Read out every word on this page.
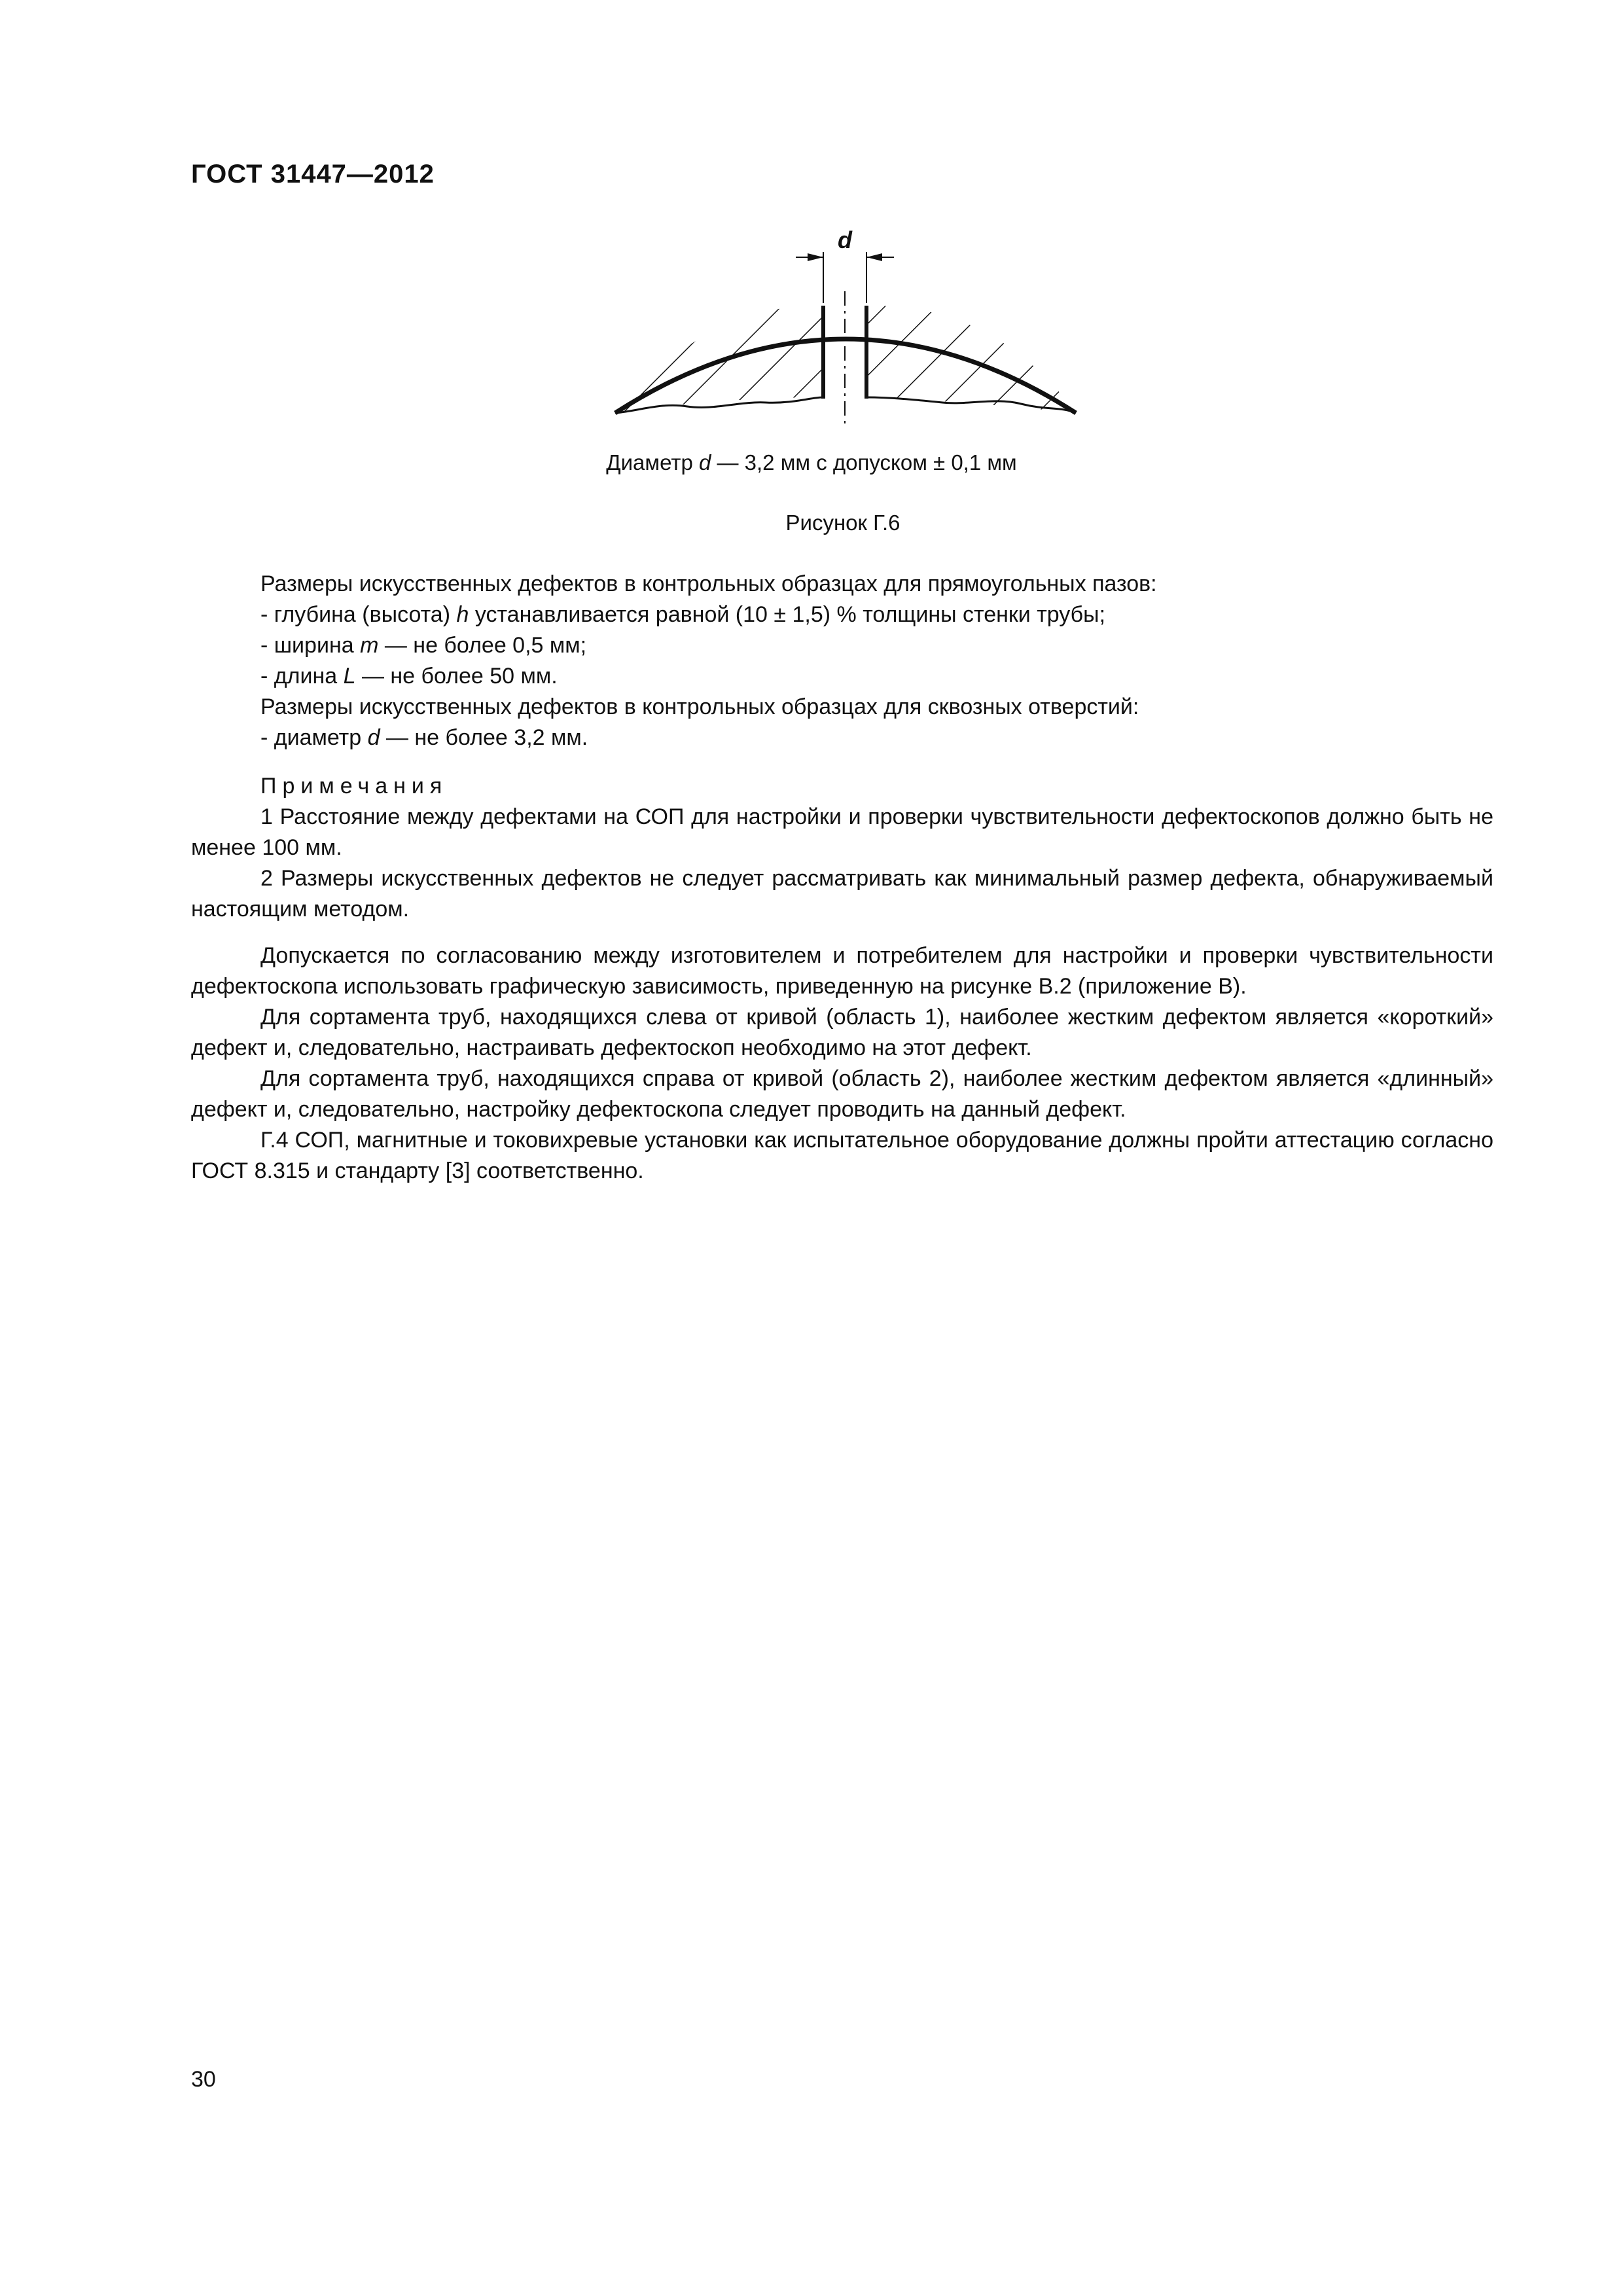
ГОСТ 31447—2012
d
Диаметр d — 3,2 мм с допуском ± 0,1 мм
Рисунок Г.6

Размеры искусственных дефектов в контрольных образцах для прямоугольных пазов:

- глубина (высота) h устанавливается равной (10 ± 1,5) % толщины стенки трубы;

- ширина m — не более 0,5 мм;

- длина L — не более 50 мм.

Размеры искусственных дефектов в контрольных образцах для сквозных отверстий:

- диаметр d — не более 3,2 мм.

Примечания

1 Расстояние между дефектами на СОП для настройки и проверки чувствительности дефектоскопов должно быть не менее 100 мм.

2 Размеры искусственных дефектов не следует рассматривать как минимальный размер дефекта, обнаруживаемый настоящим методом.

Допускается по согласованию между изготовителем и потребителем для настройки и проверки чувствительности дефектоскопа использовать графическую зависимость, приведенную на рисунке В.2 (приложение В).

Для сортамента труб, находящихся слева от кривой (область 1), наиболее жестким дефектом является «короткий» дефект и, следовательно, настраивать дефектоскоп необходимо на этот дефект.

Для сортамента труб, находящихся справа от кривой (область 2), наиболее жестким дефектом является «длинный» дефект и, следовательно, настройку дефектоскопа следует проводить на данный дефект.

Г.4 СОП, магнитные и токовихревые установки как испытательное оборудование должны пройти аттестацию согласно ГОСТ 8.315 и стандарту [3] соответственно.

30
